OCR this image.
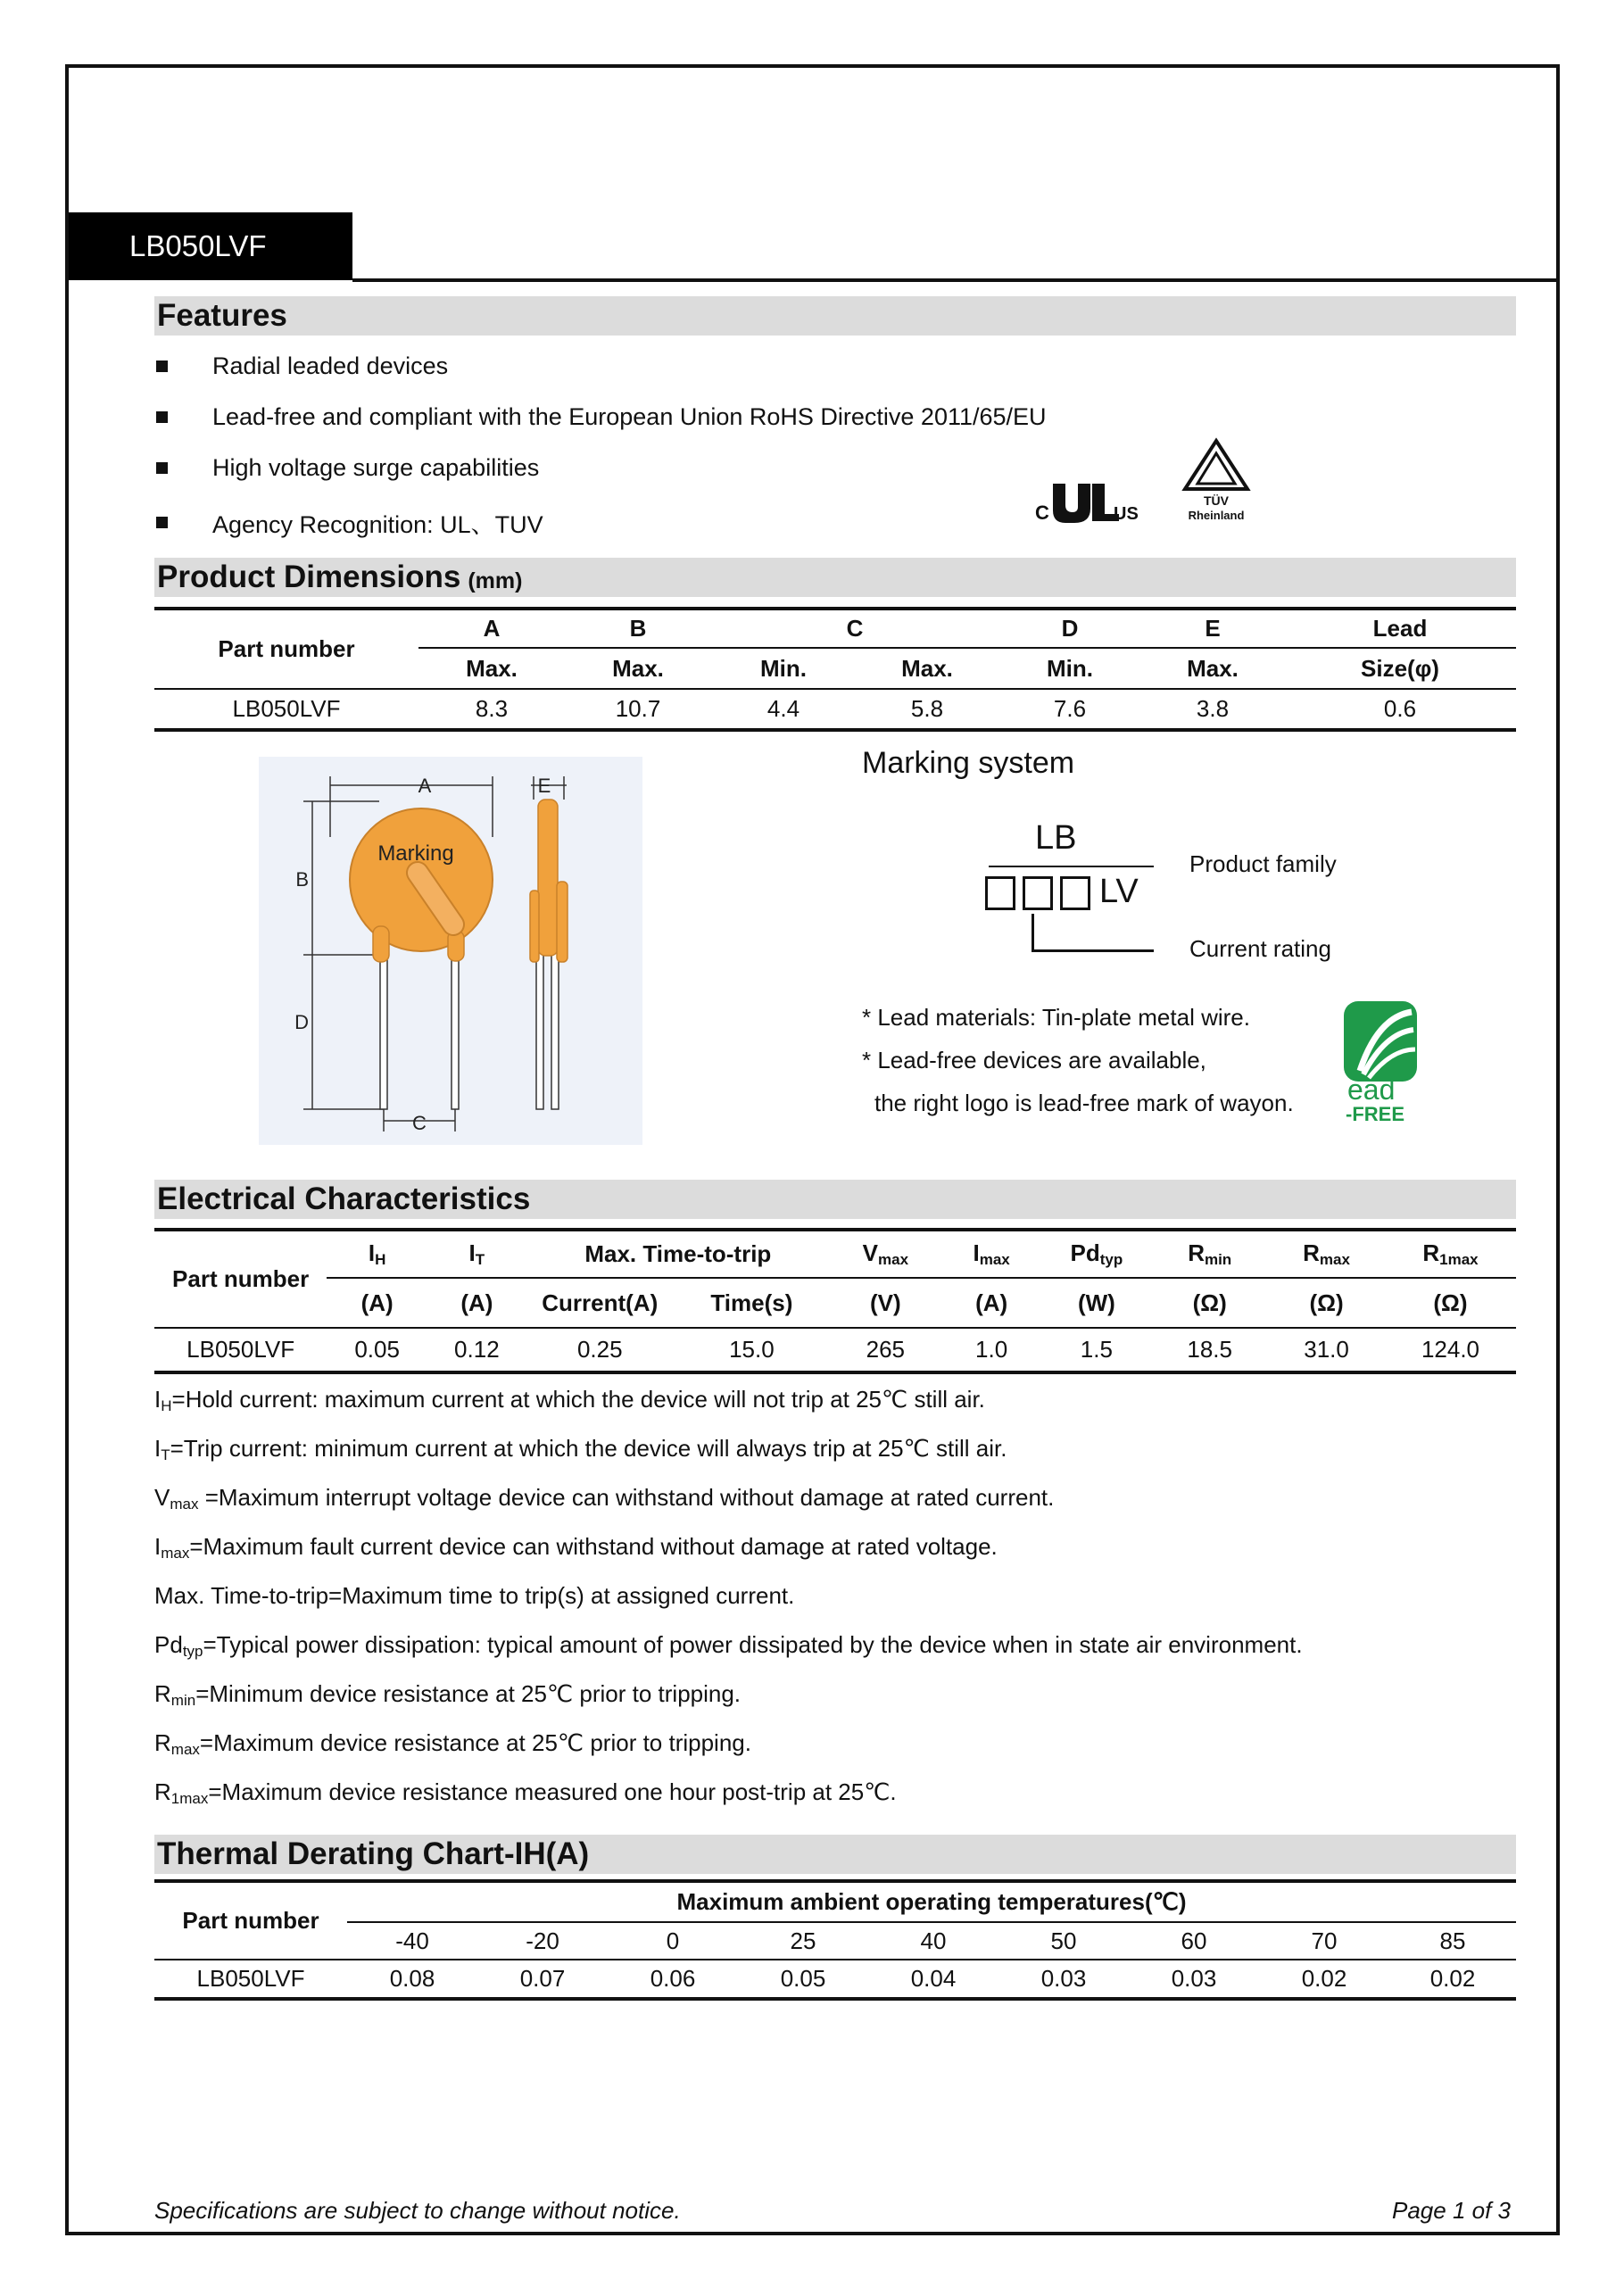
LB050LVF
Features
Radial leaded devices
Lead-free and compliant with the European Union RoHS Directive 2011/65/EU
High voltage surge capabilities
Agency Recognition: UL、TUV	C	US
TÜV
Rheinland
Product Dimensions (mm)
Part number	A	B	C		D	E	Lead
	Max.	Max.	Min.	Max.	Min.	Max.	Size(φ)
LB050LVF	8.3	10.7	4.4	5.8	7.6	3.8	0.6
A
B
D
C
E
Marking
Marking system
LB
LV
Product family
Current rating
* Lead materials: Tin-plate metal wire.
* Lead-free devices are available,
the right logo is lead-free mark of wayon. ead
-FREE
Electrical Characteristics
Part number	$I_H$	$I_T$	Max. Time-to-trip		$V_{max}$	$I_{max}$	$Pd_{typ}$	$R_{min}$	$R_{max}$	$R_{1max}$
	(A)	(A)	Current(A)	Time(s)	(V)	(A)	(W)	(Ω)	(Ω)	(Ω)
LB050LVF	0.05	0.12	0.25	15.0	265	1.0	1.5	18.5	31.0	124.0
$I_H=Hold$ current: maximum current at which the device will not trip at 25℃ still air.
$I_T=Trip$ current: minimum current at which the device will always trip at 25℃ still air.
$V_{max}$ =Maximum interrupt voltage device can withstand without damage at rated current.
$I_{max}=Maximum$ fault current device can withstand without damage at rated voltage.
Max. Time-to-trip=Maximum time to trip(s) at assigned current.
$Pd_{typ}=Typical$ power dissipation: typical amount of power dissipated by the device when in state air environment.
$R_{min}=Minimum$ device resistance at 25℃ prior to tripping.
$R_{max}=Maximum$ device resistance at 25℃ prior to tripping.
$R_{1max}=Maximum$ device resistance measured one hour post-trip at 25℃.
Thermal Derating Chart-IH(A)
Part number	Maximum ambient operating temperatures(℃)								
	-40	-20	0	25	40	50	60	70	85
LB050LVF	0.08	0.07	0.06	0.05	0.04	0.03	0.03	0.02	0.02
Specifications are subject to change without notice.	Page 1 of 3
